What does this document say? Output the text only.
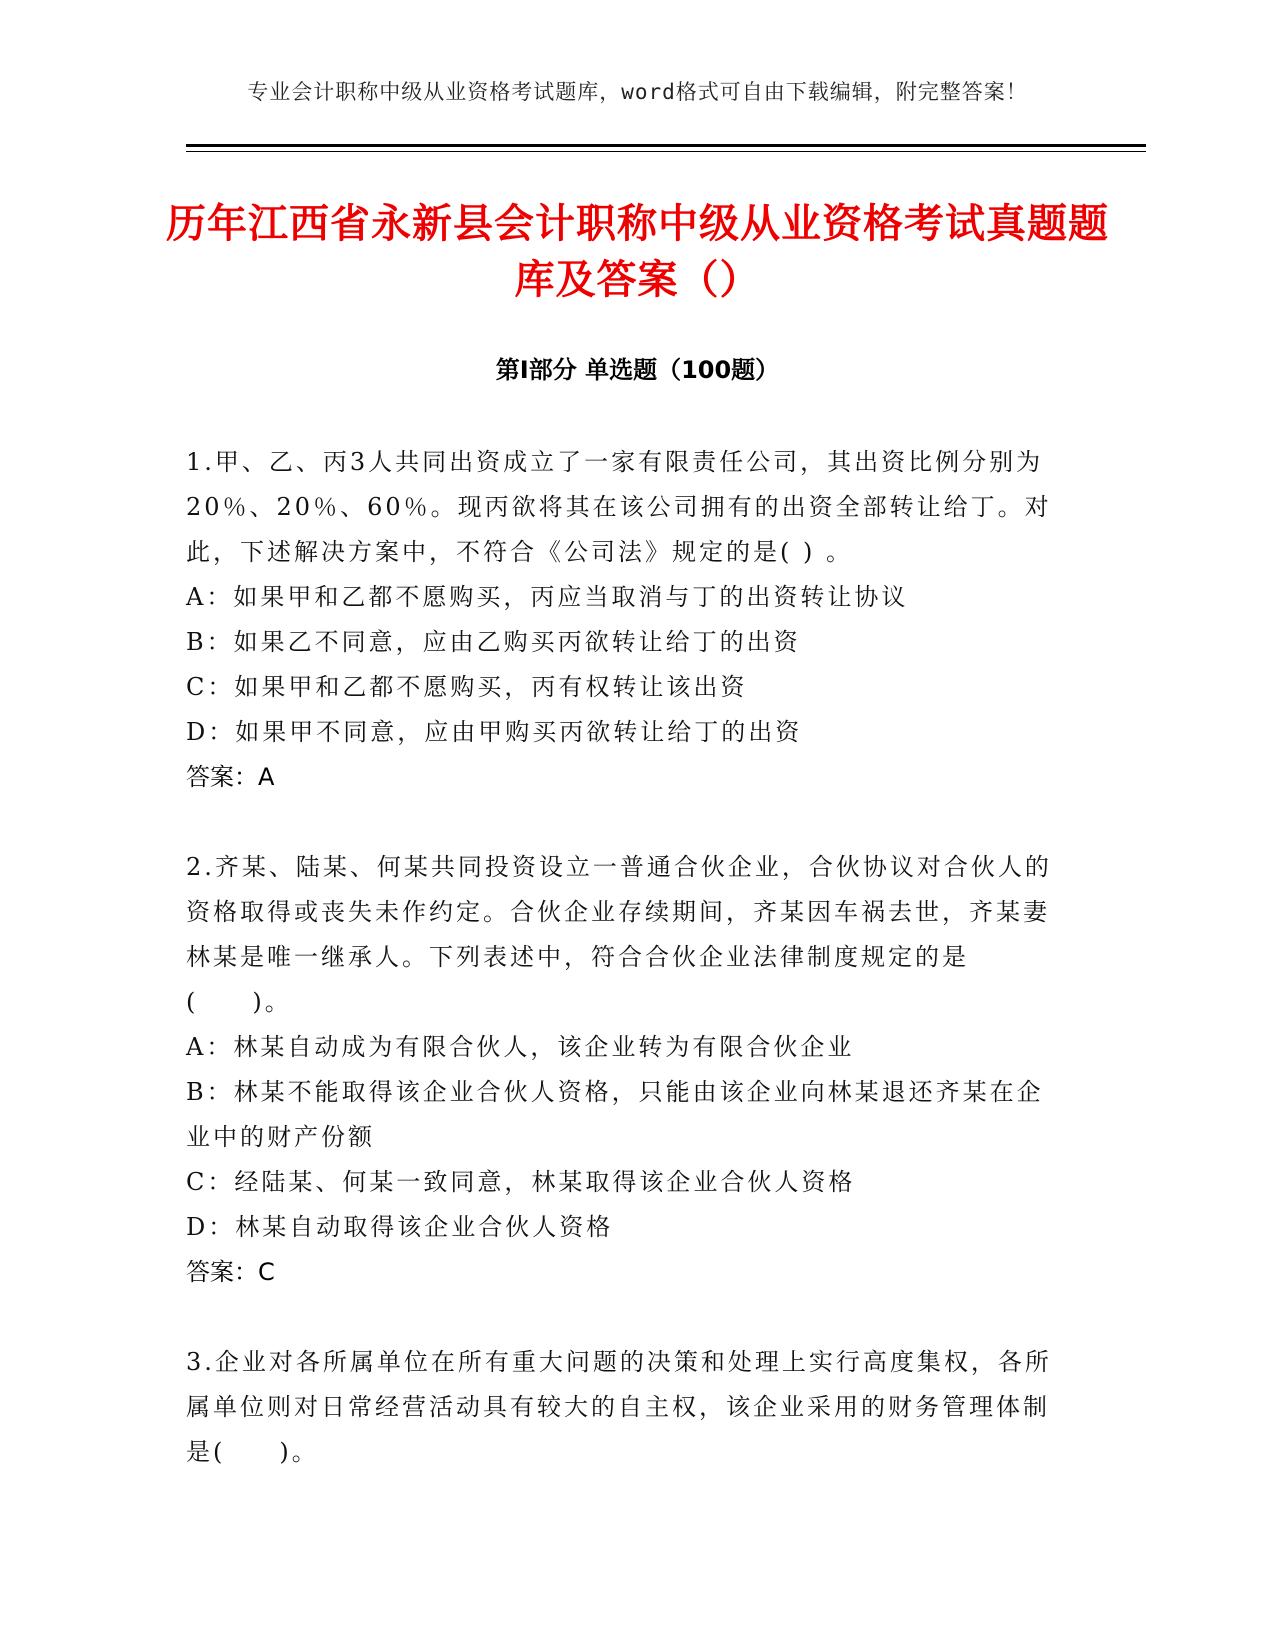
专业会计职称中级从业资格考试题库，word格式可自由下载编辑，附完整答案！
历年江西省永新县会计职称中级从业资格考试真题题库及答案（）
第Ⅰ部分 单选题（100题）
1.甲、乙、丙3人共同出资成立了一家有限责任公司，其出资比例分别为20％、20％、60％。现丙欲将其在该公司拥有的出资全部转让给丁。对此，下述解决方案中，不符合《公司法》规定的是( ) 。
A：如果甲和乙都不愿购买，丙应当取消与丁的出资转让协议
B：如果乙不同意，应由乙购买丙欲转让给丁的出资
C：如果甲和乙都不愿购买，丙有权转让该出资
D：如果甲不同意，应由甲购买丙欲转让给丁的出资
答案：A
2.齐某、陆某、何某共同投资设立一普通合伙企业，合伙协议对合伙人的资格取得或丧失未作约定。合伙企业存续期间，齐某因车祸去世，齐某妻林某是唯一继承人。下列表述中，符合合伙企业法律制度规定的是(　　)。
A：林某自动成为有限合伙人，该企业转为有限合伙企业
B：林某不能取得该企业合伙人资格，只能由该企业向林某退还齐某在企业中的财产份额
C：经陆某、何某一致同意，林某取得该企业合伙人资格
D：林某自动取得该企业合伙人资格
答案：C
3.企业对各所属单位在所有重大问题的决策和处理上实行高度集权，各所属单位则对日常经营活动具有较大的自主权，该企业采用的财务管理体制是(　　)。
